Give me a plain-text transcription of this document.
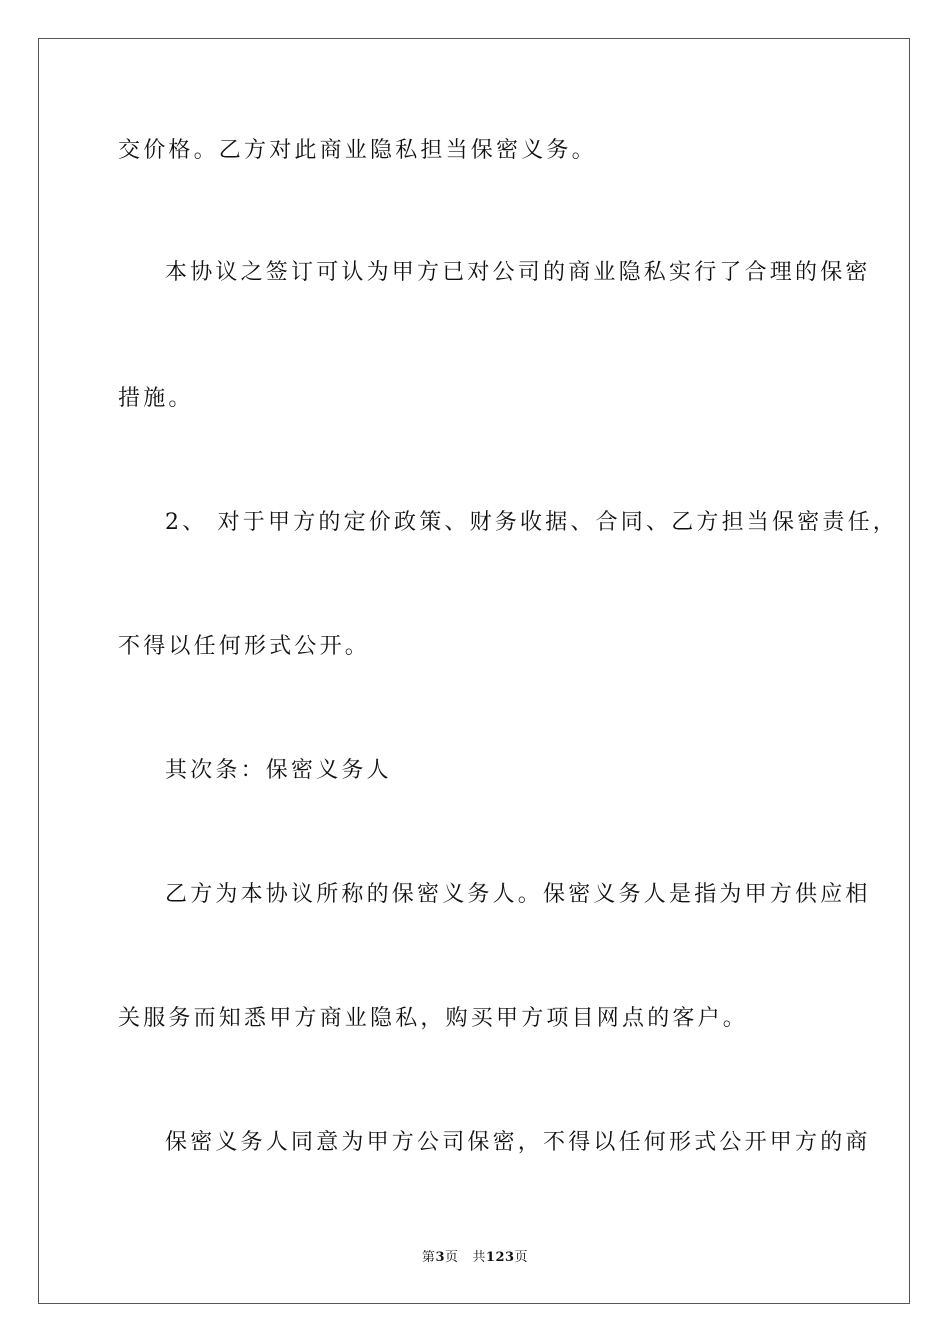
交价格。乙方对此商业隐私担当保密义务。
本协议之签订可认为甲方已对公司的商业隐私实行了合理的保密
措施。
2、 对于甲方的定价政策、财务收据、合同、乙方担当保密责任，
不得以任何形式公开。
其次条：保密义务人
乙方为本协议所称的保密义务人。保密义务人是指为甲方供应相
关服务而知悉甲方商业隐私，购买甲方项目网点的客户。
保密义务人同意为甲方公司保密，不得以任何形式公开甲方的商
第3页 共123页
